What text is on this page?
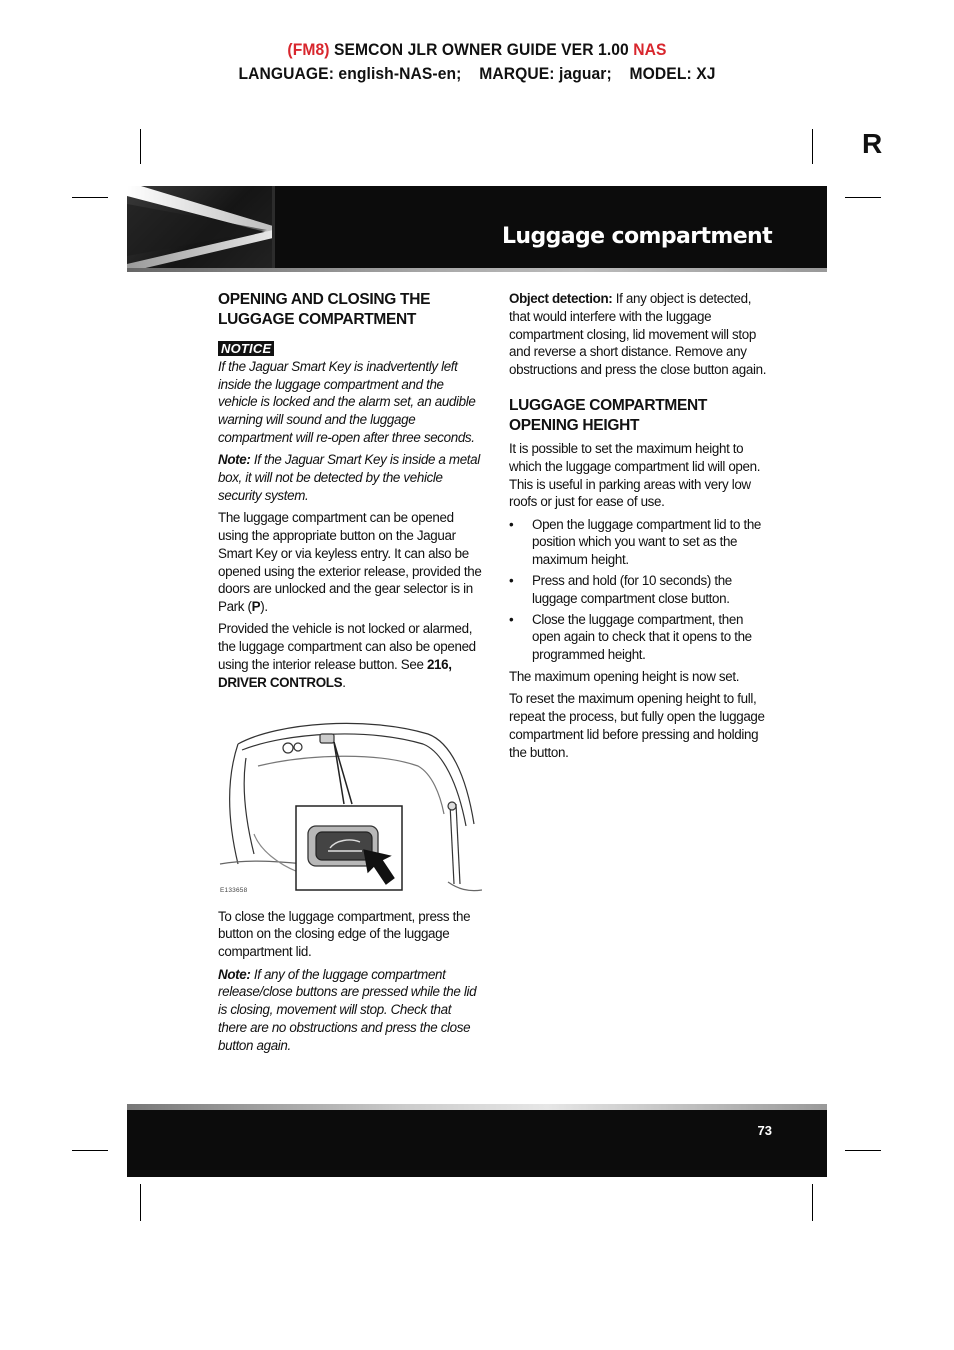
(FM8) SEMCON JLR OWNER GUIDE VER 1.00 NAS
LANGUAGE: english-NAS-en;    MARQUE: jaguar;    MODEL: XJ
R
Luggage compartment
OPENING AND CLOSING THE LUGGAGE COMPARTMENT
NOTICE

If the Jaguar Smart Key is inadvertently left inside the luggage compartment and the vehicle is locked and the alarm set, an audible warning will sound and the luggage compartment will re-open after three seconds.

Note: If the Jaguar Smart Key is inside a metal box, it will not be detected by the vehicle security system.

The luggage compartment can be opened using the appropriate button on the Jaguar Smart Key or via keyless entry. It can also be opened using the exterior release, provided the doors are unlocked and the gear selector is in Park (P).

Provided the vehicle is not locked or alarmed, the luggage compartment can also be opened using the interior release button. See 216, DRIVER CONTROLS.

E133658

To close the luggage compartment, press the button on the closing edge of the luggage compartment lid.

Note: If any of the luggage compartment release/close buttons are pressed while the lid is closing, movement will stop. Check that there are no obstructions and press the close button again.

Object detection: If any object is detected, that would interfere with the luggage compartment closing, lid movement will stop and reverse a short distance. Remove any obstructions and press the close button again.

LUGGAGE COMPARTMENT OPENING HEIGHT

It is possible to set the maximum height to which the luggage compartment lid will open. This is useful in parking areas with very low roofs or just for ease of use.

• Open the luggage compartment lid to the position which you want to set as the maximum height.
• Press and hold (for 10 seconds) the luggage compartment close button.
• Close the luggage compartment, then open again to check that it opens to the programmed height.

The maximum opening height is now set.

To reset the maximum opening height to full, repeat the process, but fully open the luggage compartment lid before pressing and holding the button.

73
